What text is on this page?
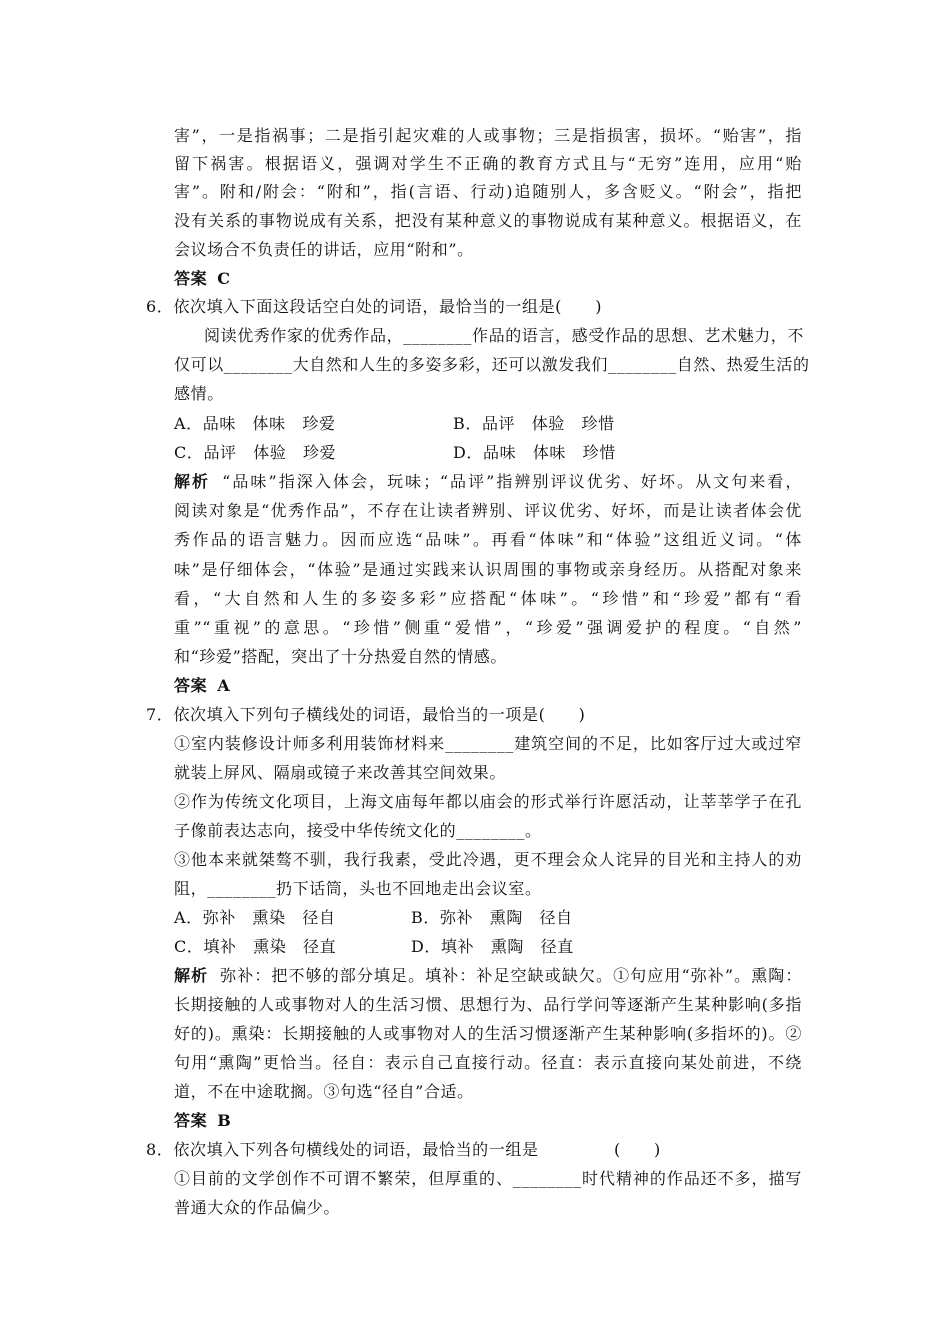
害”，一是指祸事；二是指引起灾难的人或事物；三是指损害，损坏。“贻害”，指
留下祸害。根据语义，强调对学生不正确的教育方式且与“无穷”连用，应用“贻
害”。附和/附会：“附和”，指(言语、行动)追随别人，多含贬义。“附会”，指把
没有关系的事物说成有关系，把没有某种意义的事物说成有某种意义。根据语义，在
会议场合不负责任的讲话，应用“附和”。
答案 C
6．依次填入下面这段话空白处的词语，最恰当的一组是(　　)
阅读优秀作家的优秀作品，________作品的语言，感受作品的思想、艺术魅力，不
仅可以________大自然和人生的多姿多彩，还可以激发我们________自然、热爱生活的
感情。
A．品味　体味　珍爱	B．品评　体验　珍惜
C．品评　体验　珍爱	D．品味　体味　珍惜
解析 “品味”指深入体会，玩味；“品评”指辨别评议优劣、好坏。从文句来看，
阅读对象是“优秀作品”，不存在让读者辨别、评议优劣、好坏，而是让读者体会优
秀作品的语言魅力。因而应选“品味”。再看“体味”和“体验”这组近义词。“体
味”是仔细体会，“体验”是通过实践来认识周围的事物或亲身经历。从搭配对象来
看，“大自然和人生的多姿多彩”应搭配“体味”。“珍惜”和“珍爱”都有“看
重”“重视”的意思。“珍惜”侧重“爱惜”，“珍爱”强调爱护的程度。“自然”
和“珍爱”搭配，突出了十分热爱自然的情感。
答案 A
7．依次填入下列句子横线处的词语，最恰当的一项是(　　)
①室内装修设计师多利用装饰材料来________建筑空间的不足，比如客厅过大或过窄
就装上屏风、隔扇或镜子来改善其空间效果。
②作为传统文化项目，上海文庙每年都以庙会的形式举行许愿活动，让莘莘学子在孔
子像前表达志向，接受中华传统文化的________。
③他本来就桀骜不驯，我行我素，受此冷遇，更不理会众人诧异的目光和主持人的劝
阻，________扔下话筒，头也不回地走出会议室。
A．弥补　熏染　径自	B．弥补　熏陶　径自
C．填补　熏染　径直	D．填补　熏陶　径直
解析 弥补：把不够的部分填足。填补：补足空缺或缺欠。①句应用“弥补”。熏陶：
长期接触的人或事物对人的生活习惯、思想行为、品行学问等逐渐产生某种影响(多指
好的)。熏染：长期接触的人或事物对人的生活习惯逐渐产生某种影响(多指坏的)。②
句用“熏陶”更恰当。径自：表示自己直接行动。径直：表示直接向某处前进，不绕
道，不在中途耽搁。③句选“径自”合适。
答案 B
8．依次填入下列各句横线处的词语，最恰当的一组是	(　　)
①目前的文学创作不可谓不繁荣，但厚重的、________时代精神的作品还不多，描写
普通大众的作品偏少。
